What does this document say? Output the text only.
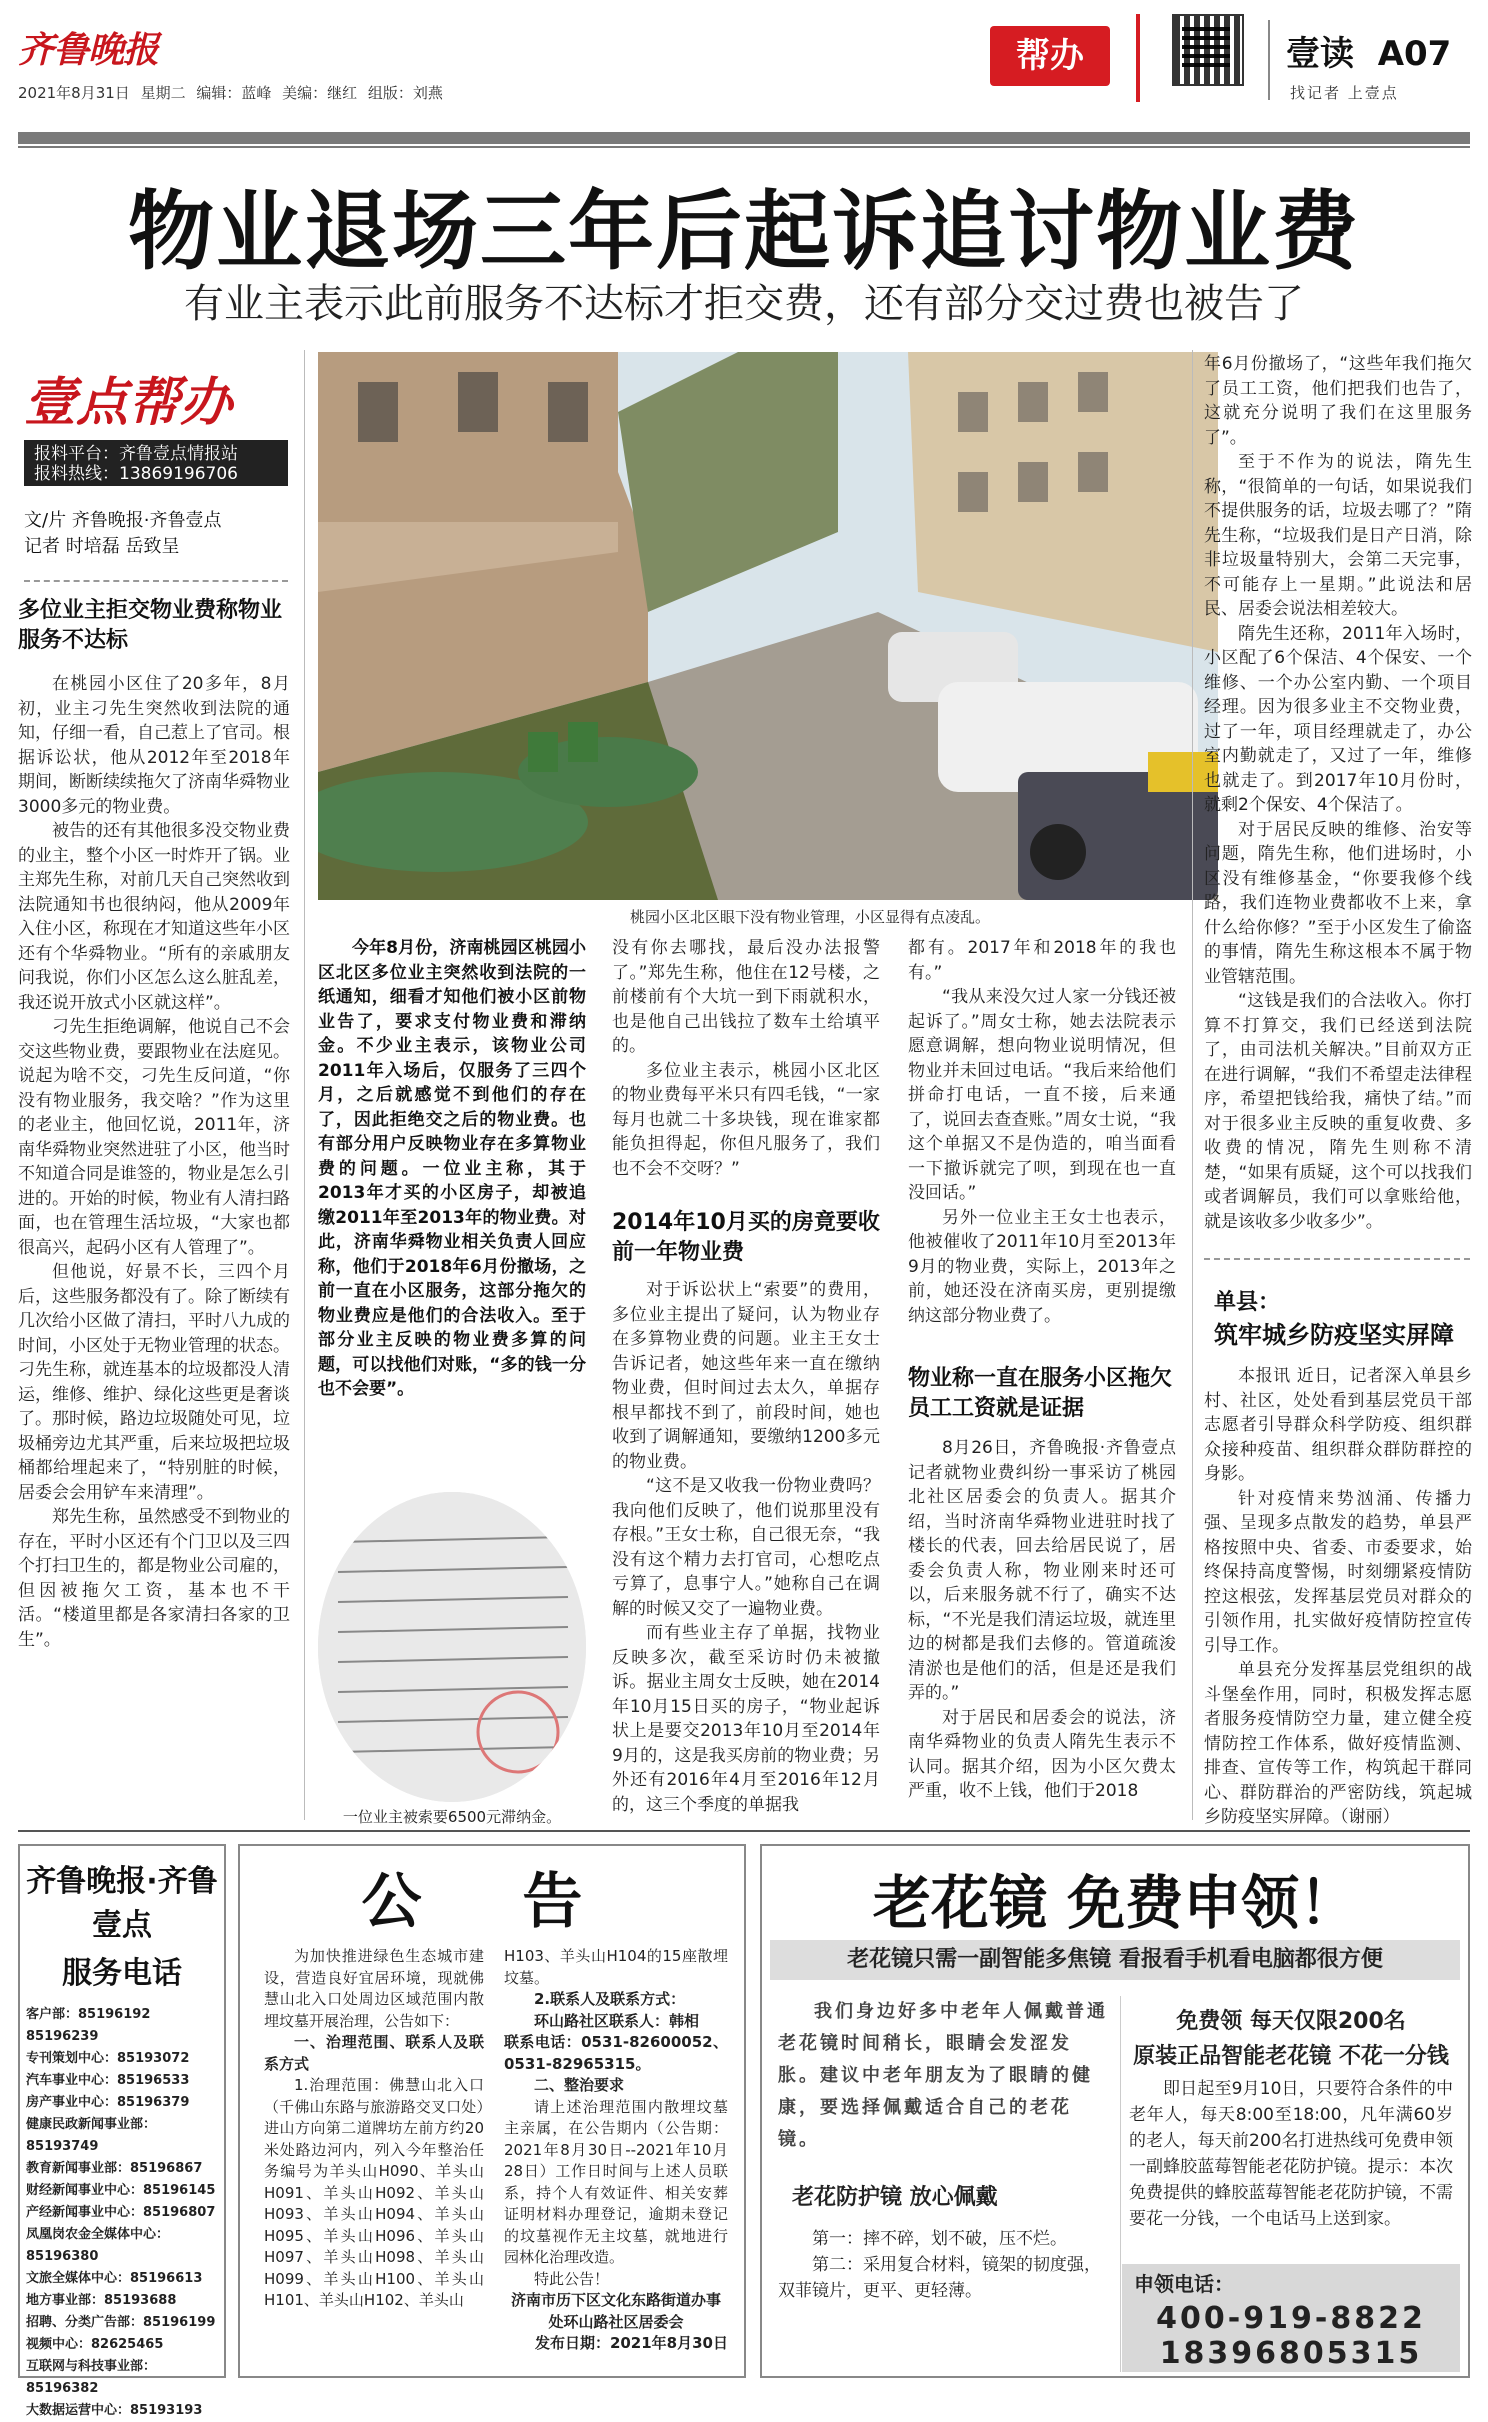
齐鲁晚报
2021年8月31日 星期二 编辑：蓝峰 美编：继红 组版：刘燕
帮办	壹读 A07
找记者 上壹点
物业退场三年后起诉追讨物业费
有业主表示此前服务不达标才拒交费，还有部分交过费也被告了
壹点帮办
报料平台：齐鲁壹点情报站
报料热线：13869196706
文/片 齐鲁晚报·齐鲁壹点
记者 时培磊 岳致呈
多位业主拒交物业费称物业服务不达标

在桃园小区住了20多年，8月初，业主刁先生突然收到法院的通知，仔细一看，自己惹上了官司。根据诉讼状，他从2012年至2018年期间，断断续续拖欠了济南华舜物业3000多元的物业费。

被告的还有其他很多没交物业费的业主，整个小区一时炸开了锅。业主郑先生称，对前几天自己突然收到法院通知书也很纳闷，他从2009年入住小区，称现在才知道这些年小区还有个华舜物业。“所有的亲戚朋友问我说，你们小区怎么这么脏乱差，我还说开放式小区就这样”。

刁先生拒绝调解，他说自己不会交这些物业费，要跟物业在法庭见。说起为啥不交，刁先生反问道，“你没有物业服务，我交啥？”作为这里的老业主，他回忆说，2011年，济南华舜物业突然进驻了小区，他当时不知道合同是谁签的，物业是怎么引进的。开始的时候，物业有人清扫路面，也在管理生活垃圾，“大家也都很高兴，起码小区有人管理了”。

但他说，好景不长，三四个月后，这些服务都没有了。除了断续有几次给小区做了清扫，平时八九成的时间，小区处于无物业管理的状态。刁先生称，就连基本的垃圾都没人清运，维修、维护、绿化这些更是奢谈了。那时候，路边垃圾随处可见，垃圾桶旁边尤其严重，后来垃圾把垃圾桶都给埋起来了，“特别脏的时候，居委会会用铲车来清理”。

郑先生称，虽然感受不到物业的存在，平时小区还有个门卫以及三四个打扫卫生的，都是物业公司雇的，但因被拖欠工资，基本也不干活。“楼道里都是各家清扫各家的卫生”。

桃园小区北区眼下没有物业管理，小区显得有点凌乱。

今年8月份，济南桃园区桃园小区北区多位业主突然收到法院的一纸通知，细看才知他们被小区前物业告了，要求支付物业费和滞纳金。不少业主表示，该物业公司2011年入场后，仅服务了三四个月，之后就感觉不到他们的存在了，因此拒绝交之后的物业费。也有部分用户反映物业存在多算物业费的问题。一位业主称，其于2013年才买的小区房子，却被追缴2011年至2013年的物业费。对此，济南华舜物业相关负责人回应称，他们于2018年6月份撤场，之前一直在小区服务，这部分拖欠的物业费应是他们的合法收入。至于部分业主反映的物业费多算的问题，可以找他们对账，“多的钱一分也不会要”。

一位业主被索要6500元滞纳金。

没有你去哪找，最后没办法报警了。”郑先生称，他住在12号楼，之前楼前有个大坑一到下雨就积水，也是他自己出钱拉了数车土给填平的。

多位业主表示，桃园小区北区的物业费每平米只有四毛钱，“一家每月也就二十多块钱，现在谁家都能负担得起，你但凡服务了，我们也不会不交呀？”

2014年10月买的房竟要收前一年物业费

对于诉讼状上“索要”的费用，多位业主提出了疑问，认为物业存在多算物业费的问题。业主王女士告诉记者，她这些年来一直在缴纳物业费，但时间过去太久，单据存根早都找不到了，前段时间，她也收到了调解通知，要缴纳1200多元的物业费。

“这不是又收我一份物业费吗？我向他们反映了，他们说那里没有存根。”王女士称，自己很无奈，“我没有这个精力去打官司，心想吃点亏算了，息事宁人。”她称自己在调解的时候又交了一遍物业费。

而有些业主存了单据，找物业反映多次，截至采访时仍未被撤诉。据业主周女士反映，她在2014年10月15日买的房子，“物业起诉状上是要交2013年10月至2014年9月的，这是我买房前的物业费；另外还有2016年4月至2016年12月的，这三个季度的单据我

都有。2017年和2018年的我也有。”

“我从来没欠过人家一分钱还被起诉了。”周女士称，她去法院表示愿意调解，想向物业说明情况，但物业并未回过电话。“我后来给他们拼命打电话，一直不接，后来通了，说回去查查账。”周女士说，“我这个单据又不是伪造的，咱当面看一下撤诉就完了呗，到现在也一直没回话。”

另外一位业主王女士也表示，他被催收了2011年10月至2013年9月的物业费，实际上，2013年之前，她还没在济南买房，更别提缴纳这部分物业费了。

物业称一直在服务小区拖欠员工工资就是证据

8月26日，齐鲁晚报·齐鲁壹点记者就物业费纠纷一事采访了桃园北社区居委会的负责人。据其介绍，当时济南华舜物业进驻时找了楼长的代表，回去给居民说了，居委会负责人称，物业刚来时还可以，后来服务就不行了，确实不达标，“不光是我们清运垃圾，就连里边的树都是我们去修的。管道疏浚清淤也是他们的活，但是还是我们弄的。”

对于居民和居委会的说法，济南华舜物业的负责人隋先生表示不认同。据其介绍，因为小区欠费太严重，收不上钱，他们于2018

年6月份撤场了，“这些年我们拖欠了员工工资，他们把我们也告了，这就充分说明了我们在这里服务了”。

至于不作为的说法，隋先生称，“很简单的一句话，如果说我们不提供服务的话，垃圾去哪了？”隋先生称，“垃圾我们是日产日消，除非垃圾量特别大，会第二天完事，不可能存上一星期。”此说法和居民、居委会说法相差较大。

隋先生还称，2011年入场时，小区配了6个保洁、4个保安、一个维修、一个办公室内勤、一个项目经理。因为很多业主不交物业费，过了一年，项目经理就走了，办公室内勤就走了，又过了一年，维修也就走了。到2017年10月份时，就剩2个保安、4个保洁了。

对于居民反映的维修、治安等问题，隋先生称，他们进场时，小区没有维修基金，“你要我修个线路，我们连物业费都收不上来，拿什么给你修？”至于小区发生了偷盗的事情，隋先生称这根本不属于物业管辖范围。

“这钱是我们的合法收入。你打算不打算交，我们已经送到法院了，由司法机关解决。”目前双方正在进行调解，“我们不希望走法律程序，希望把钱给我，痛快了结。”而对于很多业主反映的重复收费、多收费的情况，隋先生则称不清楚，“如果有质疑，这个可以找我们或者调解员，我们可以拿账给他，就是该收多少收多少”。

单县：
筑牢城乡防疫坚实屏障

本报讯 近日，记者深入单县乡村、社区，处处看到基层党员干部志愿者引导群众科学防疫、组织群众接种疫苗、组织群众群防群控的身影。

针对疫情来势汹涌、传播力强、呈现多点散发的趋势，单县严格按照中央、省委、市委要求，始终保持高度警惕，时刻绷紧疫情防控这根弦，发挥基层党员对群众的引领作用，扎实做好疫情防控宣传引导工作。

单县充分发挥基层党组织的战斗堡垒作用，同时，积极发挥志愿者服务疫情防空力量，建立健全疫情防控工作体系，做好疫情监测、排查、宣传等工作，构筑起干群同心、群防群治的严密防线，筑起城乡防疫坚实屏障。（谢丽）

齐鲁晚报·齐鲁壹点
服务电话
客户部：85196192 85196239
专刊策划中心：85193072
汽车事业中心：85196533
房产事业中心：85196379
健康民政新闻事业部：85193749
教育新闻事业部：85196867
财经新闻事业中心：85196145
产经新闻事业中心：85196807
凤凰岗农金全媒体中心：85196380
文旅全媒体中心：85196613
地方事业部：85193688
招聘、分类广告部：85196199
视频中心：82625465
互联网与科技事业部：85196382
大数据运营中心：85193193
公 告

为加快推进绿色生态城市建设，营造良好宜居环境，现就佛慧山北入口处周边区域范围内散埋坟墓开展治理，公告如下：

一、治理范围、联系人及联系方式

1.治理范围：佛慧山北入口（千佛山东路与旅游路交叉口处）进山方向第二道牌坊左前方约20米处路边河内，列入今年整治任务编号为羊头山H090、羊头山H091、羊头山H092、羊头山H093、羊头山H094、羊头山H095、羊头山H096、羊头山H097、羊头山H098、羊头山H099、羊头山H100、羊头山H101、羊头山H102、羊头山

H103、羊头山H104的15座散埋坟墓。

2.联系人及联系方式：

环山路社区联系人：韩相

联系电话：0531-82600052、0531-82965315。

二、整治要求

请上述治理范围内散埋坟墓主亲属，在公告期内（公告期：2021年8月30日--2021年10月28日）工作日时间与上述人员联系，持个人有效证件、相关安葬证明材料办理登记，逾期未登记的坟墓视作无主坟墓，就地进行园林化治理改造。

特此公告！

济南市历下区文化东路街道办事处环山路社区居委会

发布日期：2021年8月30日

老花镜 免费申领！
老花镜只需一副智能多焦镜 看报看手机看电脑都很方便

我们身边好多中老年人佩戴普通老花镜时间稍长，眼睛会发涩发胀。建议中老年朋友为了眼睛的健康，要选择佩戴适合自己的老花镜。

老花防护镜 放心佩戴

第一：摔不碎，划不破，压不烂。

第二：采用复合材料，镜架的韧度强，双菲镜片，更平、更轻薄。

免费领 每天仅限200名
原装正品智能老花镜 不花一分钱
即日起至9月10日，只要符合条件的中老年人，每天8:00至18:00，凡年满60岁的老人，每天前200名打进热线可免费申领一副蜂胶蓝莓智能老花防护镜。提示：本次免费提供的蜂胶蓝莓智能老花防护镜，不需要花一分钱，一个电话马上送到家。
申领电话：
400-919-8822
18396805315
